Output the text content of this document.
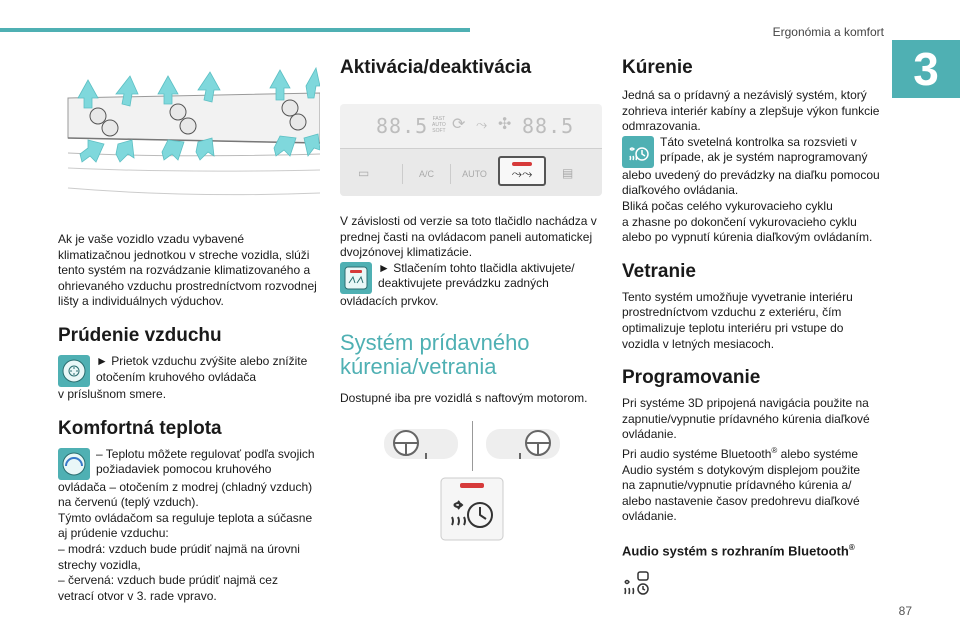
Ergonómia a komfort
3
87
Ak je vaše vozidlo vzadu vybavené
klimatizačnou jednotkou v streche vozidla, slúži
tento systém na rozvádzanie klimatizovaného a
ohrievaného vzduchu prostredníctvom rozvodnej
lišty a individuálnych výduchov.
Prúdenie vzduchu
► Prietok vzduchu zvýšite alebo znížite
otočením kruhového ovládača
v príslušnom smere.
Komfortná teplota
– Teplotu môžete regulovať podľa svojich
požiadaviek pomocou kruhového
ovládača – otočením z modrej (chladný vzduch)
na červenú (teplý vzduch).
Týmto ovládačom sa reguluje teplota a súčasne
aj prúdenie vzduchu:
– modrá: vzduch bude prúdiť najmä na úrovni
strechy vozidla,
– červená: vzduch bude prúdiť najmä cez
vetrací otvor v 3. rade vpravo.
Aktivácia/deaktivácia
88.5 FAST
AUTO
SOFT ⟳ ⤳ ✣ 88.5
▭	A/C	AUTO	⤳⤳ ▤
V závislosti od verzie sa toto tlačidlo nachádza v
prednej časti na ovládacom paneli automatickej
dvojzónovej klimatizácie.
► Stlačením tohto tlačidla aktivujete/
deaktivujete prevádzku zadných
ovládacích prvkov.
Systém prídavného
kúrenia/vetrania
Dostupné iba pre vozidlá s naftovým motorom.
Kúrenie
Jedná sa o prídavný a nezávislý systém, ktorý
zohrieva interiér kabíny a zlepšuje výkon funkcie
odmrazovania.
Táto svetelná kontrolka sa rozsvieti v
prípade, ak je systém naprogramovaný
alebo uvedený do prevádzky na diaľku pomocou
diaľkového ovládania.
Bliká počas celého vykurovacieho cyklu
a zhasne po dokončení vykurovacieho cyklu
alebo po vypnutí kúrenia diaľkovým ovládaním.
Vetranie
Tento systém umožňuje vyvetranie interiéru
prostredníctvom vzduchu z exteriéru, čím
optimalizuje teplotu interiéru pri vstupe do
vozidla v letných mesiacoch.
Programovanie
Pri systéme 3D pripojená navigácia použite na
zapnutie/vypnutie prídavného kúrenia diaľkové
ovládanie.
Pri audio systéme Bluetooth® alebo systéme
Audio systém s dotykovým displejom použite
na zapnutie/vypnutie prídavného kúrenia a/
alebo nastavenie časov predohrevu diaľkové
ovládanie.
Audio systém s rozhraním Bluetooth®
